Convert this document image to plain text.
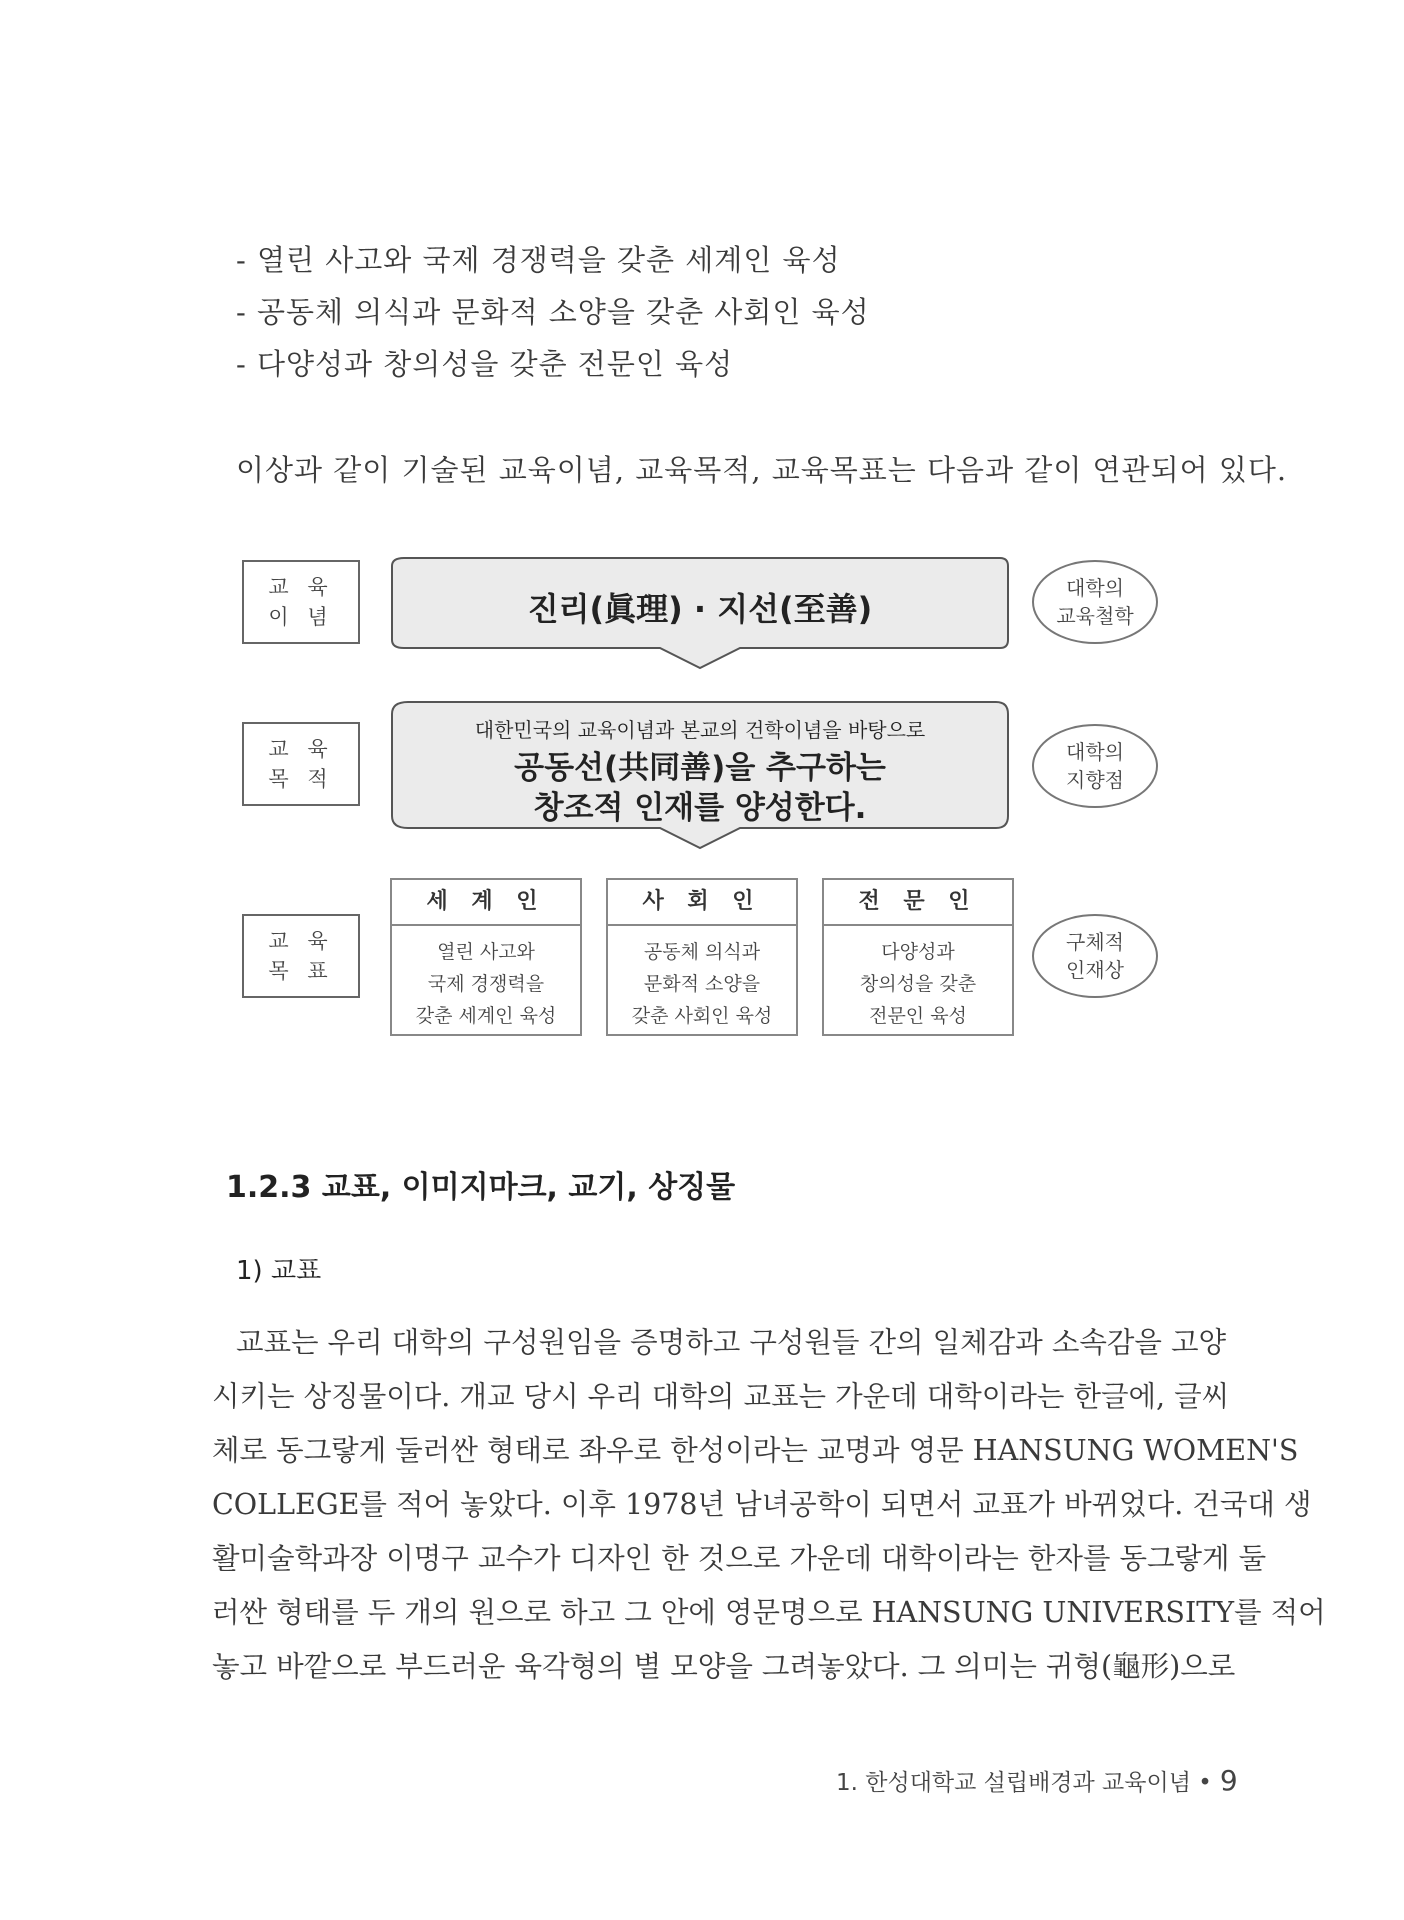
- 열린 사고와 국제 경쟁력을 갖춘 세계인 육성
- 공동체 의식과 문화적 소양을 갖춘 사회인 육성
- 다양성과 창의성을 갖춘 전문인 육성
이상과 같이 기술된 교육이념, 교육목적, 교육목표는 다음과 같이 연관되어 있다.
교 육
이 념
교 육
목 적
교 육
목 표
대학의
교육철학
대학의
지향점
구체적
인재상
진리(眞理) · 지선(至善)
대한민국의 교육이념과 본교의 건학이념을 바탕으로
공동선(共同善)을 추구하는
창조적 인재를 양성한다.
세 계 인
열린 사고와
국제 경쟁력을
갖춘 세계인 육성
사 회 인
공동체 의식과
문화적 소양을
갖춘 사회인 육성
전 문 인
다양성과
창의성을 갖춘
전문인 육성
1.2.3 교표, 이미지마크, 교기, 상징물
1) 교표
교표는 우리 대학의 구성원임을 증명하고 구성원들 간의 일체감과 소속감을 고양
시키는 상징물이다. 개교 당시 우리 대학의 교표는 가운데 대학이라는 한글에, 글씨
체로 동그랗게 둘러싼 형태로 좌우로 한성이라는 교명과 영문 HANSUNG WOMEN'S
COLLEGE를 적어 놓았다. 이후 1978년 남녀공학이 되면서 교표가 바뀌었다. 건국대 생
활미술학과장 이명구 교수가 디자인 한 것으로 가운데 대학이라는 한자를 동그랗게 둘
러싼 형태를 두 개의 원으로 하고 그 안에 영문명으로 HANSUNG UNIVERSITY를 적어
놓고 바깥으로 부드러운 육각형의 별 모양을 그려놓았다. 그 의미는 귀형(龜形)으로
1. 한성대학교 설립배경과 교육이념 • 9
